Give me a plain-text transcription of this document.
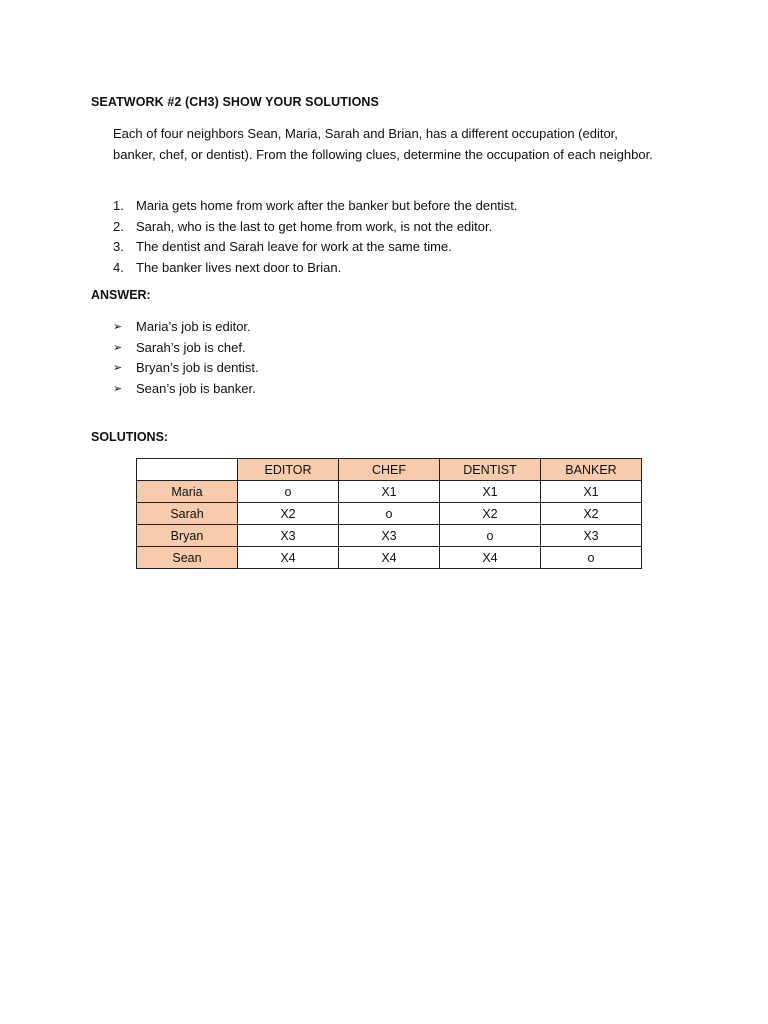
SEATWORK #2 (CH3) SHOW YOUR SOLUTIONS
Each of four neighbors Sean, Maria, Sarah and Brian, has a different occupation (editor, banker, chef, or dentist). From the following clues, determine the occupation of each neighbor.
1. Maria gets home from work after the banker but before the dentist.
2. Sarah, who is the last to get home from work, is not the editor.
3. The dentist and Sarah leave for work at the same time.
4. The banker lives next door to Brian.
ANSWER:
➢	Maria’s job is editor.
➢	Sarah’s job is chef.
➢	Bryan’s job is dentist.
➢	Sean’s job is banker.
SOLUTIONS:
	EDITOR	CHEF	DENTIST	BANKER
Maria	o	X1	X1	X1
Sarah	X2	o	X2	X2
Bryan	X3	X3	o	X3
Sean	X4	X4	X4	o
